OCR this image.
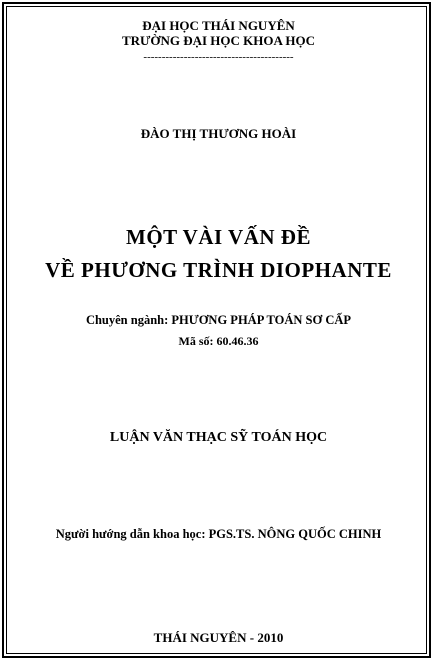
ĐẠI HỌC THÁI NGUYÊN
TRƯỜNG ĐẠI HỌC KHOA HỌC
-----------------------------------------
ĐÀO THỊ THƯƠNG HOÀI
MỘT VÀI VẤN ĐỀ
VỀ PHƯƠNG TRÌNH DIOPHANTE
Chuyên ngành: PHƯƠNG PHÁP TOÁN SƠ CẤP
Mã số: 60.46.36
LUẬN VĂN THẠC SỸ TOÁN HỌC
Người hướng dẫn khoa học: PGS.TS. NÔNG QUỐC CHINH
THÁI NGUYÊN - 2010
